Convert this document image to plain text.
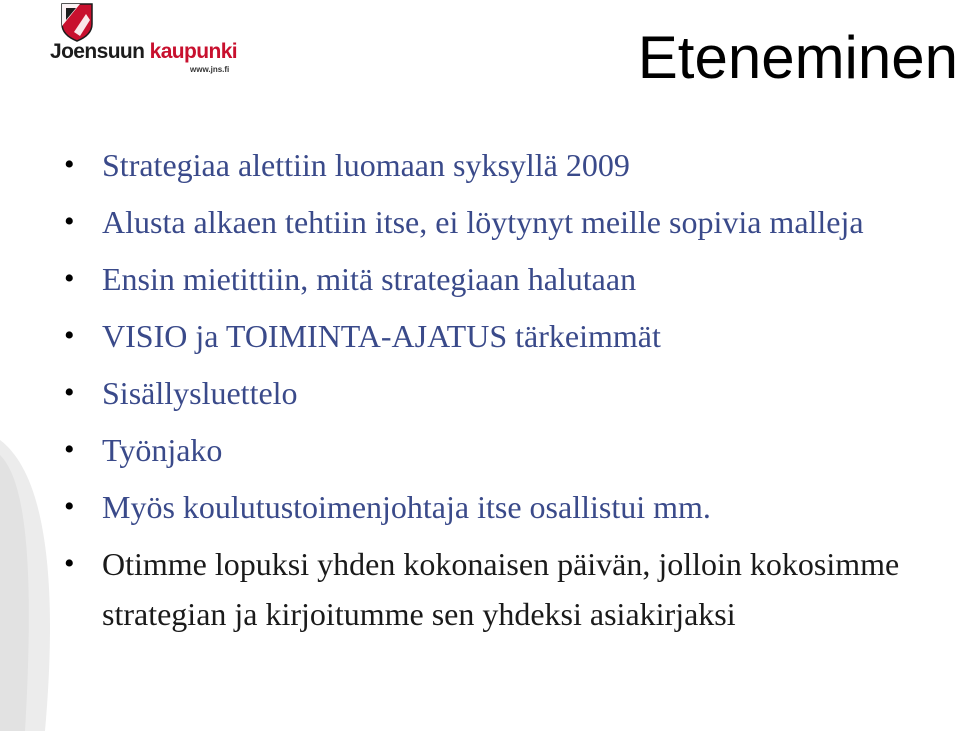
Joensuun kaupunki
www.jns.fi	Eteneminen
• Strategiaa alettiin luomaan syksyllä 2009
• Alusta alkaen tehtiin itse, ei löytynyt meille sopivia malleja
• Ensin mietittiin, mitä strategiaan halutaan
• VISIO ja TOIMINTA-AJATUS tärkeimmät
• Sisällysluettelo
• Työnjako
• Myös koulutustoimenjohtaja itse osallistui mm.
• Otimme lopuksi yhden kokonaisen päivän, jolloin kokosimme strategian ja kirjoitumme sen yhdeksi asiakirjaksi
